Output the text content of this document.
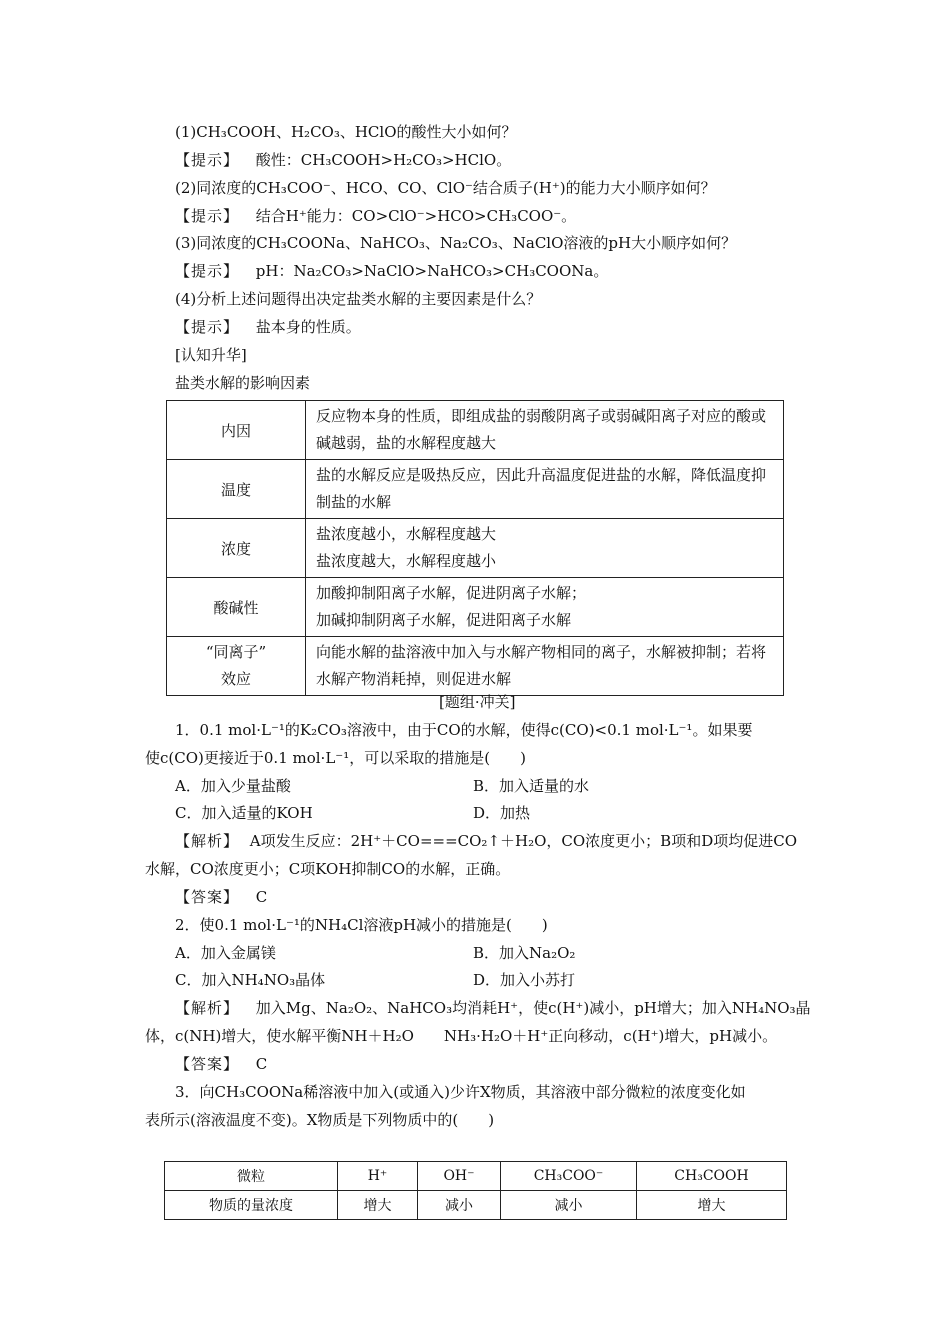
(1)CH₃COOH、H₂CO₃、HClO的酸性大小如何？
【提示】 酸性：CH₃COOH>H₂CO₃>HClO。
(2)同浓度的CH₃COO⁻、HCO、CO、ClO⁻结合质子(H⁺)的能力大小顺序如何？
【提示】 结合H⁺能力：CO>ClO⁻>HCO>CH₃COO⁻。
(3)同浓度的CH₃COONa、NaHCO₃、Na₂CO₃、NaClO溶液的pH大小顺序如何？
【提示】 pH：Na₂CO₃>NaClO>NaHCO₃>CH₃COONa。
(4)分析上述问题得出决定盐类水解的主要因素是什么？
【提示】 盐本身的性质。
[认知升华]
盐类水解的影响因素
内因	反应物本身的性质，即组成盐的弱酸阴离子或弱碱阳离子对应的酸或碱越弱，盐的水解程度越大
温度	盐的水解反应是吸热反应，因此升高温度促进盐的水解，降低温度抑制盐的水解
浓度	盐浓度越小，水解程度越大
盐浓度越大，水解程度越小
酸碱性	加酸抑制阳离子水解，促进阴离子水解；
加碱抑制阴离子水解，促进阳离子水解
“同离子”
效应	向能水解的盐溶液中加入与水解产物相同的离子，水解被抑制；若将水解产物消耗掉，则促进水解
[题组·冲关]
1．0.1 mol·L⁻¹的K₂CO₃溶液中，由于CO的水解，使得c(CO)<0.1 mol·L⁻¹。如果要
使c(CO)更接近于0.1 mol·L⁻¹，可以采取的措施是(　　)
A．加入少量盐酸	B．加入适量的水
C．加入适量的KOH	D．加热
【解析】 A项发生反应：2H⁺＋CO===CO₂↑＋H₂O，CO浓度更小；B项和D项均促进CO
水解，CO浓度更小；C项KOH抑制CO的水解，正确。
【答案】 C
2．使0.1 mol·L⁻¹的NH₄Cl溶液pH减小的措施是(　　)
A．加入金属镁	B．加入Na₂O₂
C．加入NH₄NO₃晶体	D．加入小苏打
【解析】 加入Mg、Na₂O₂、NaHCO₃均消耗H⁺，使c(H⁺)减小，pH增大；加入NH₄NO₃晶
体，c(NH)增大，使水解平衡NH＋H₂O　　NH₃·H₂O＋H⁺正向移动，c(H⁺)增大，pH减小。
【答案】 C
3．向CH₃COONa稀溶液中加入(或通入)少许X物质，其溶液中部分微粒的浓度变化如
表所示(溶液温度不变)。X物质是下列物质中的(　　)
微粒	H⁺	OH⁻	CH₃COO⁻	CH₃COOH
物质的量浓度	增大	减小	减小	增大
